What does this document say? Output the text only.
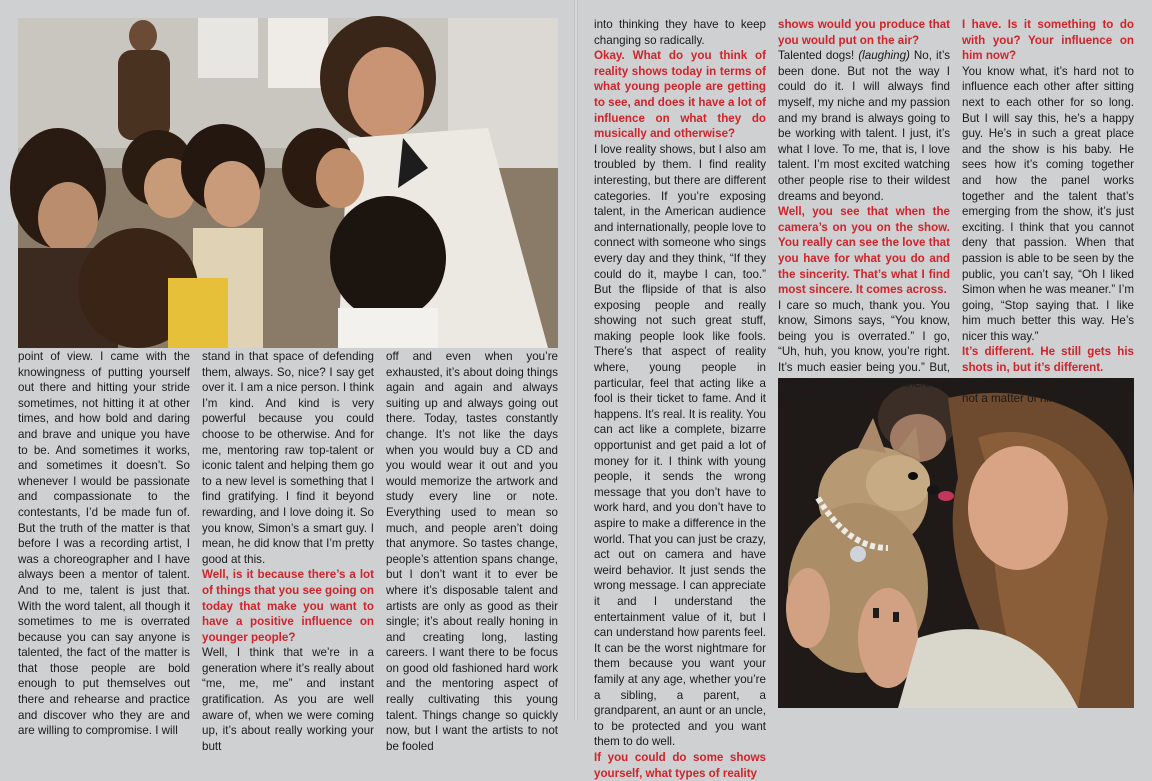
point of view. I came with the knowingness of putting yourself out there and hitting your stride sometimes, not hitting it at other times, and how bold and daring and brave and unique you have to be. And sometimes it works, and sometimes it doesn’t. So whenever I would be passionate and compassionate to the contestants, I’d be made fun of. But the truth of the matter is that before I was a recording artist, I was a choreographer and I have always been a mentor of talent. And to me, talent is just that. With the word talent, all though it sometimes to me is overrated because you can say anyone is talented, the fact of the matter is that those people are bold enough to put themselves out there and rehearse and practice and discover who they are and are willing to compromise. I will

stand in that space of defending them, always. So, nice? I say get over it. I am a nice person. I think I’m kind. And kind is very powerful because you could choose to be otherwise. And for me, mentoring raw top-talent or iconic talent and helping them go to a new level is something that I find gratifying. I find it beyond rewarding, and I love doing it. So you know, Simon’s a smart guy. I mean, he did know that I’m pretty good at this.

Well, is it because there’s a lot of things that you see going on today that make you want to have a positive influence on younger people?

Well, I think that we’re in a generation where it’s really about “me, me, me” and instant gratification. As you are well aware of, when we were coming up, it’s about really working your butt

off and even when you’re exhausted, it’s about doing things again and again and always suiting up and always going out there. Today, tastes constantly change. It’s not like the days when you would buy a CD and you would wear it out and you would memorize the artwork and study every line or note. Everything used to mean so much, and people aren’t doing that anymore. So tastes change, people’s attention spans change, but I don’t want it to ever be where it’s disposable talent and artists are only as good as their single; it’s about really honing in and creating long, lasting careers. I want there to be focus on good old fashioned hard work and the mentoring aspect of really cultivating this young talent. Things change so quickly now, but I want the artists to not be fooled

into thinking they have to keep changing so radically.

Okay. What do you think of reality shows today in terms of what young people are getting to see, and does it have a lot of influence on what they do musically and otherwise?

I love reality shows, but I also am troubled by them. I find reality interesting, but there are different categories. If you’re exposing talent, in the American audience and internationally, people love to connect with someone who sings every day and they think, “If they could do it, maybe I can, too.” But the flipside of that is also exposing people and really showing not such great stuff, making people look like fools. There’s that aspect of reality where, young people in particular, feel that acting like a fool is their ticket to fame. And it happens. It’s real. It is reality. You can act like a complete, bizarre opportunist and get paid a lot of money for it. I think with young people, it sends the wrong message that you don’t have to work hard, and you don’t have to aspire to make a difference in the world. That you can just be crazy, act out on camera and have weird behavior. It just sends the wrong message. I can appreciate it and I understand the entertainment value of it, but I can understand how parents feel. It can be the worst nightmare for them because you want your family at any age, whether you’re a sibling, a parent, a grandparent, an aunt or an uncle, to be protected and you want them to do well.

If you could do some shows yourself, what types of reality

shows would you produce that you would put on the air?

Talented dogs! (laughing) No, it’s been done. But not the way I could do it. I will always find myself, my niche and my passion and my brand is always going to be working with talent. I just, it’s what I love. To me, that is, I love talent. I’m most excited watching other people rise to their wildest dreams and beyond.

Well, you see that when the camera’s on you on the show. You really can see the love that you have for what you do and the sincerity. That’s what I find most sincere. It comes across.

I care so much, thank you. You know, Simons says, “You know, being you is overrated.” I go, “Uh, huh, you know, you’re right. It’s much easier being you.” But, I’m sure you’ve noticed there’s a change in Simon.

I have. Is it something to do with you? Your influence on him now?

You know what, it’s hard not to influence each other after sitting next to each other for so long. But I will say this, he’s a happy guy. He’s in such a great place and the show is his baby. He sees how it’s coming together and how the panel works together and the talent that’s emerging from the show, it’s just exciting. I think that you cannot deny that passion. When that passion is able to be seen by the public, you can’t say, “Oh I liked Simon when he was meaner.” I’m going, “Stop saying that. I like him much better this way. He’s nicer this way.”

It’s different. He still gets his shots in, but it’s different.

Oh, yes he does. It’s different, it’s not a matter of him being nicer
